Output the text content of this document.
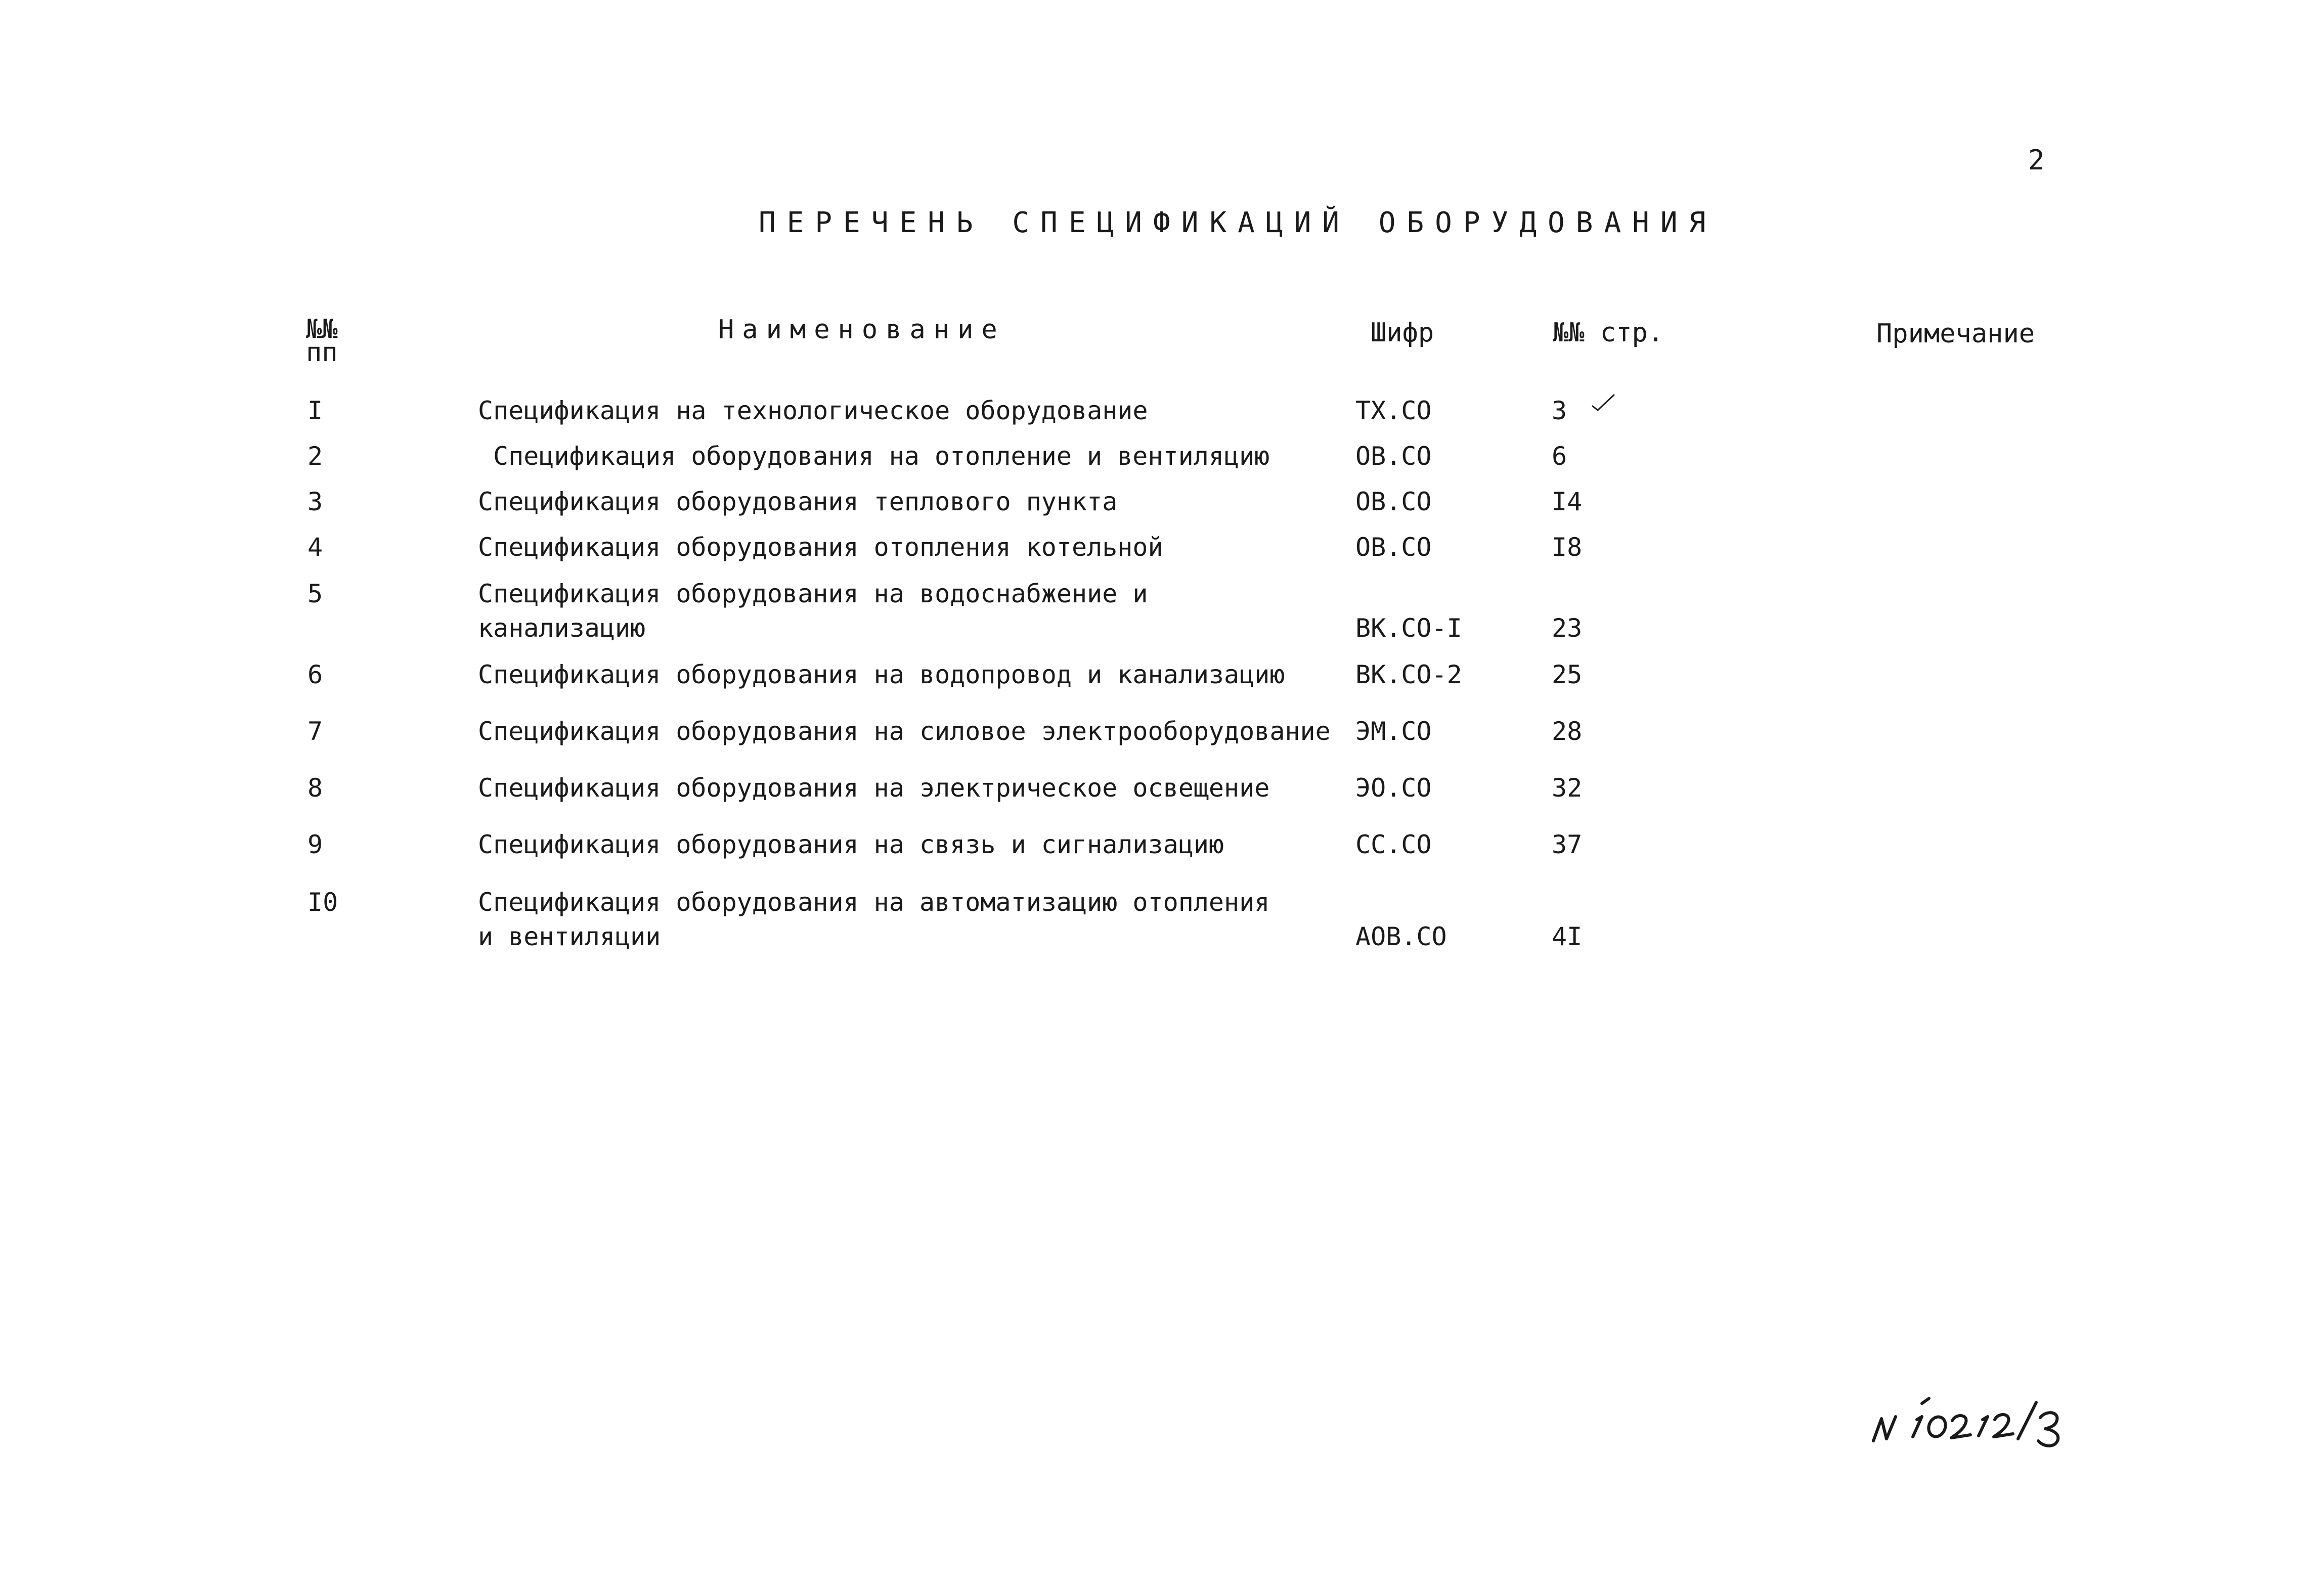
2
ПЕРЕЧЕНЬ СПЕЦИФИКАЦИЙ ОБОРУДОВАНИЯ
№№
пп
Наименование	Шифр	№№ стр.	Примечание
I	Спецификация на технологическое оборудование	ТХ.СО	3
2	Спецификация оборудования на отопление и вентиляцию	ОВ.СО	6
3	Спецификация оборудования теплового пункта	ОВ.СО	I4
4	Спецификация оборудования отопления котельной	ОВ.СО	I8
5	Спецификация оборудования на водоснабжение и
канализацию	ВК.СО-I	23
6	Спецификация оборудования на водопровод и канализацию	ВК.СО-2	25
7	Спецификация оборудования на силовое электрооборудование ЭМ.СО	28
8	Спецификация оборудования на электрическое освещение	ЭО.СО	32
9	Спецификация оборудования на связь и сигнализацию	СС.СО	37
I0	Спецификация оборудования на автоматизацию отопления
и вентиляции	АОВ.СО	4I
